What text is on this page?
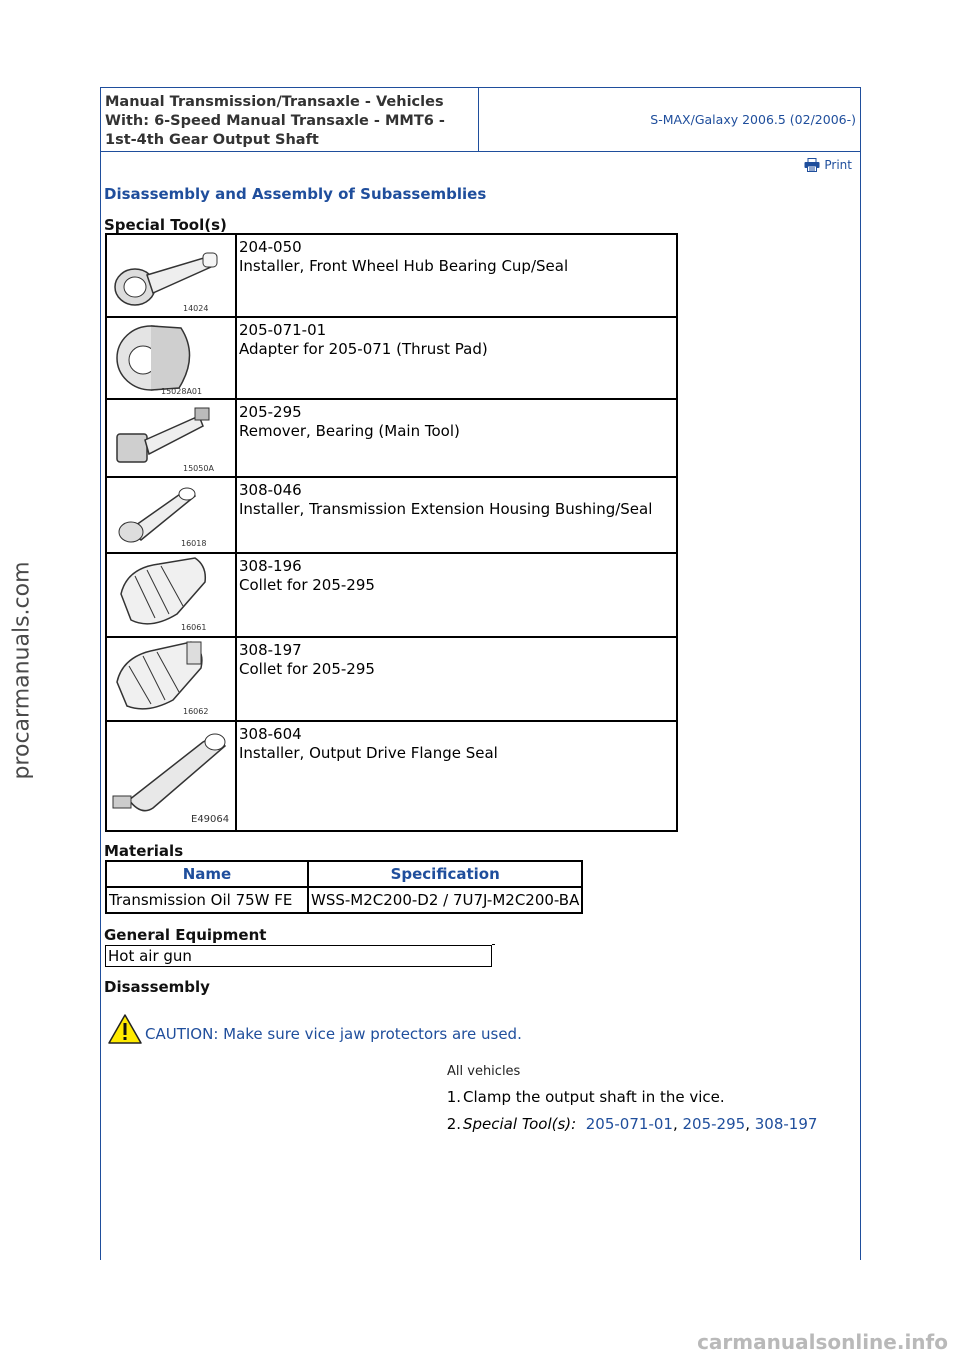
procarmanuals.com
Manual Transmission/Transaxle - Vehicles
With: 6-Speed Manual Transaxle - MMT6 -
1st-4th Gear Output Shaft
S-MAX/Galaxy 2006.5 (02/2006-)
Print
Disassembly and Assembly of Subassemblies
Special Tool(s)
14024	204-050
Installer, Front Wheel Hub Bearing Cup/Seal

15028A01	205-071-01
Adapter for 205-071 (Thrust Pad)

15050A	205-295
Remover, Bearing (Main Tool)

16018	308-046
Installer, Transmission Extension Housing Bushing/Seal

16061	308-196
Collet for 205-295

16062	308-197
Collet for 205-295

E49064	308-604
Installer, Output Drive Flange Seal
Materials
Name	Specification
Transmission Oil 75W FE	WSS-M2C200-D2 / 7U7J-M2C200-BA
General Equipment
Hot air gun
Disassembly
CAUTION: Make sure vice jaw protectors are used.
All vehicles
1. Clamp the output shaft in the vice.
2. Special Tool(s): 205-071-01, 205-295, 308-197
carmanualsonline.info
